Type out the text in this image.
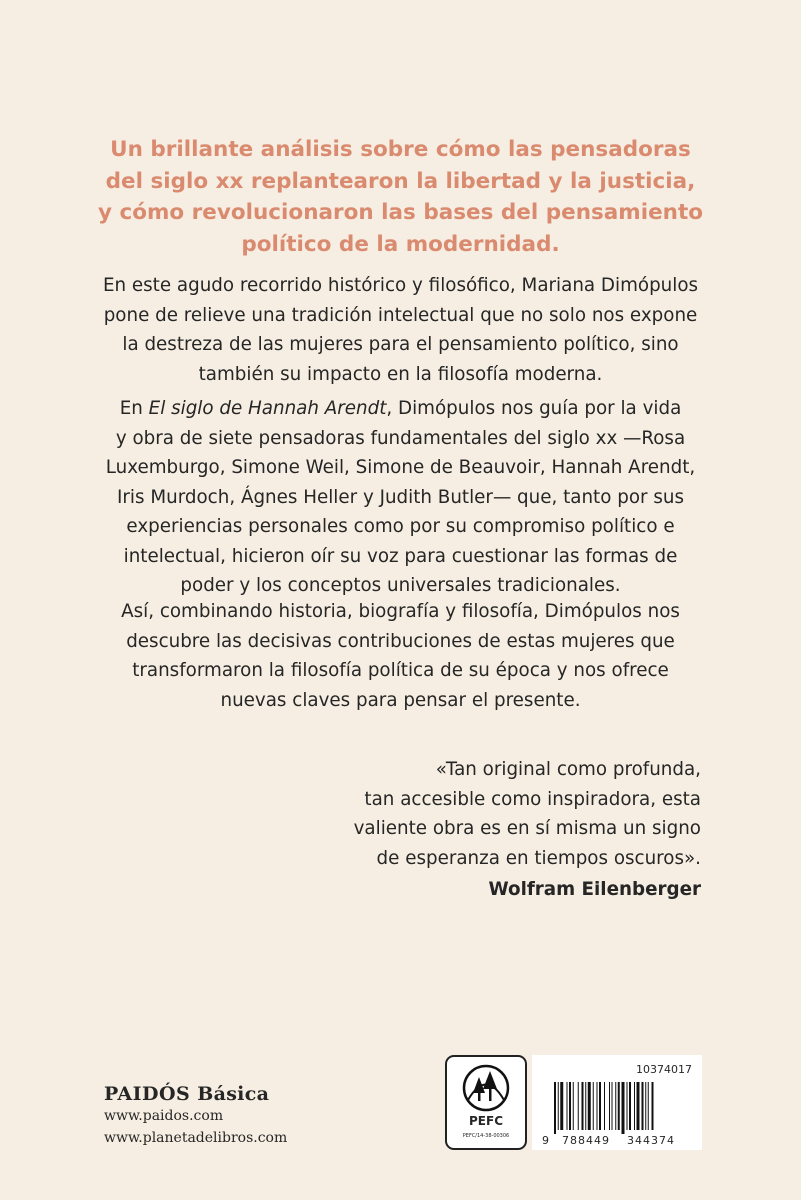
Un brillante análisis sobre cómo las pensadoras
del siglo xx replantearon la libertad y la justicia,
y cómo revolucionaron las bases del pensamiento
político de la modernidad.
En este agudo recorrido histórico y filosófico, Mariana Dimópulos
pone de relieve una tradición intelectual que no solo nos expone
la destreza de las mujeres para el pensamiento político, sino
también su impacto en la filosofía moderna.
En El siglo de Hannah Arendt, Dimópulos nos guía por la vida
y obra de siete pensadoras fundamentales del siglo xx —Rosa
Luxemburgo, Simone Weil, Simone de Beauvoir, Hannah Arendt,
Iris Murdoch, Ágnes Heller y Judith Butler— que, tanto por sus
experiencias personales como por su compromiso político e
intelectual, hicieron oír su voz para cuestionar las formas de
poder y los conceptos universales tradicionales.
Así, combinando historia, biografía y filosofía, Dimópulos nos
descubre las decisivas contribuciones de estas mujeres que
transformaron la filosofía política de su época y nos ofrece
nuevas claves para pensar el presente.
«Tan original como profunda,
tan accesible como inspiradora, esta
valiente obra es en sí misma un signo
de esperanza en tiempos oscuros».
Wolfram Eilenberger
PAIDÓS Básica
www.paidos.com
www.planetadelibros.com
PEFC
PEFC/14-38-00306
10374017
9 788449 344374
